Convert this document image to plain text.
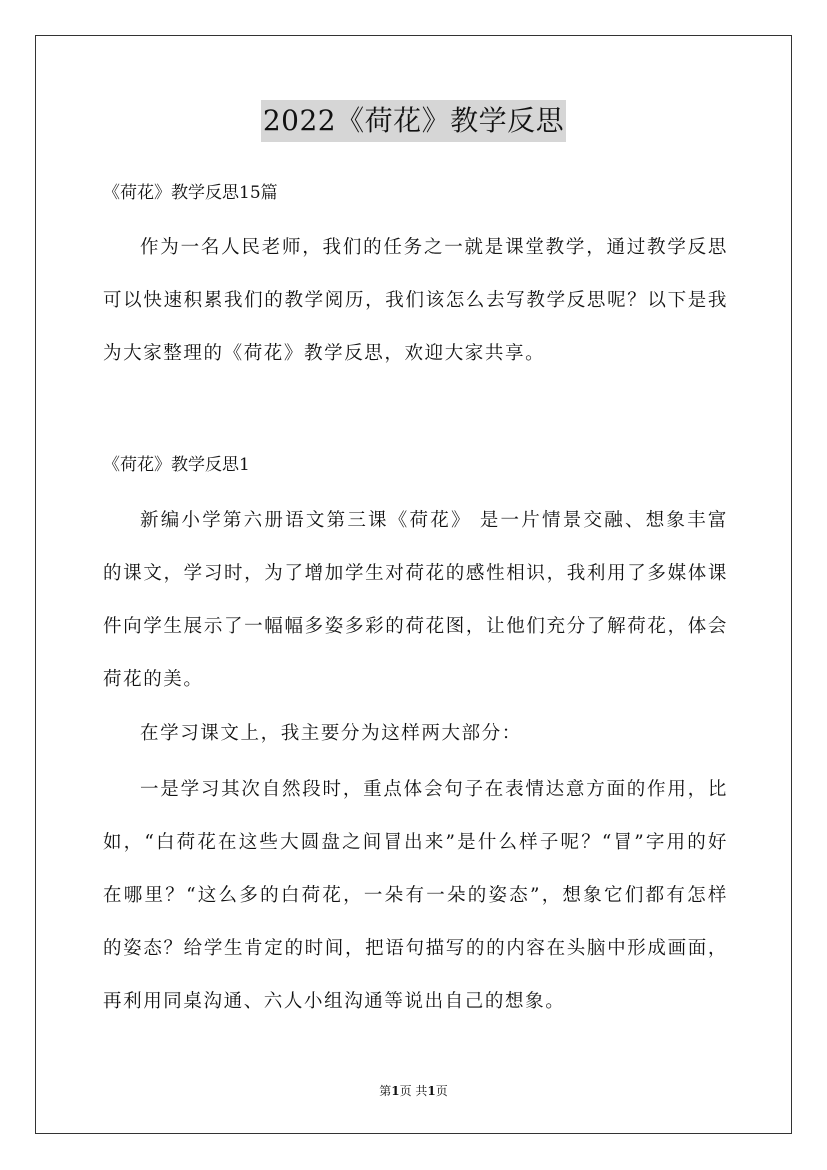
2022《荷花》教学反思
《荷花》教学反思15篇
作为一名人民老师，我们的任务之一就是课堂教学，通过教学反思可以快速积累我们的教学阅历，我们该怎么去写教学反思呢？以下是我为大家整理的《荷花》教学反思，欢迎大家共享。
《荷花》教学反思1
新编小学第六册语文第三课《荷花》 是一片情景交融、想象丰富的课文，学习时，为了增加学生对荷花的感性相识，我利用了多媒体课件向学生展示了一幅幅多姿多彩的荷花图，让他们充分了解荷花，体会荷花的美。
在学习课文上，我主要分为这样两大部分：
一是学习其次自然段时，重点体会句子在表情达意方面的作用，比如，“白荷花在这些大圆盘之间冒出来”是什么样子呢？“冒”字用的好在哪里？“这么多的白荷花，一朵有一朵的姿态”，想象它们都有怎样的姿态？给学生肯定的时间，把语句描写的的内容在头脑中形成画面，再利用同桌沟通、六人小组沟通等说出自己的想象。
第1页 共1页
